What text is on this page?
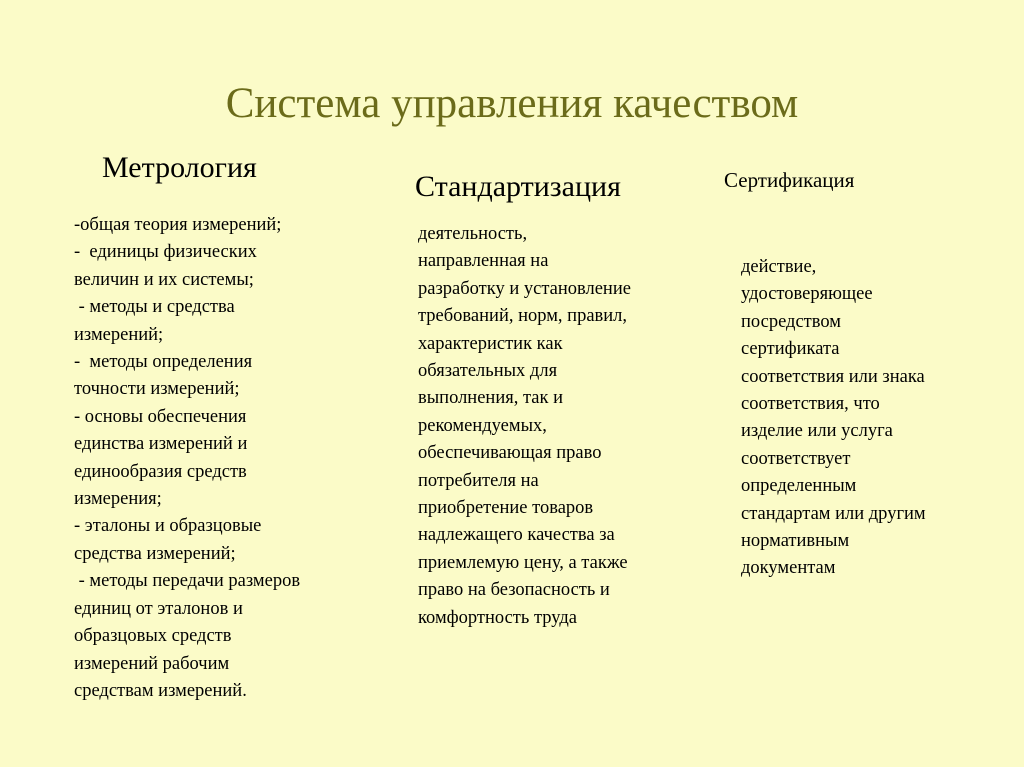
Система управления качеством
Метрология
Стандартизация	Сертификация
-общая теория измерений;
-  единицы физических
величин и их системы;
- методы и средства
измерений;
-  методы определения
точности измерений;
- основы обеспечения
единства измерений и
единообразия средств
измерения;
- эталоны и образцовые
средства измерений;
- методы передачи размеров
единиц от эталонов и
образцовых средств
измерений рабочим
средствам измерений.
деятельность,
направленная на
разработку и установление
требований, норм, правил,
характеристик как
обязательных для
выполнения, так и
рекомендуемых,
обеспечивающая право
потребителя на
приобретение товаров
надлежащего качества за
приемлемую цену, а также
право на безопасность и
комфортность труда
действие,
удостоверяющее
посредством
сертификата
соответствия или знака
соответствия, что
изделие или услуга
соответствует
определенным
стандартам или другим
нормативным
документам
